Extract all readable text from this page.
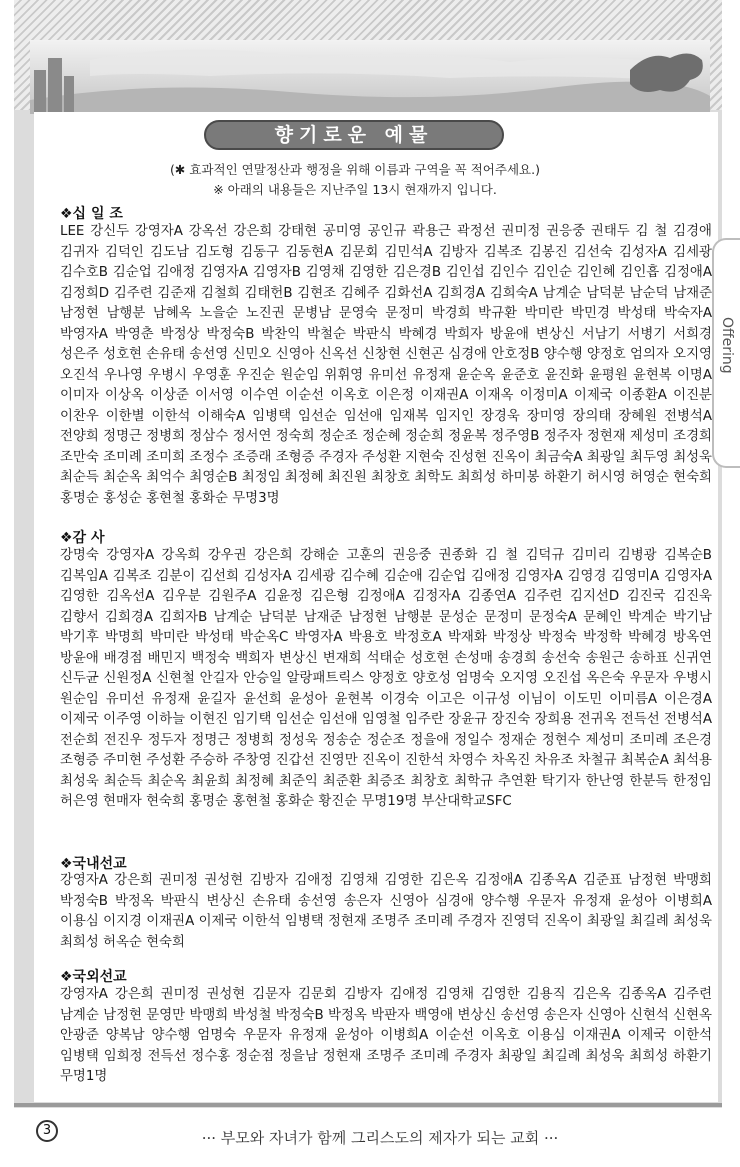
Offering
향기로운 예물
(✱ 효과적인 연말정산과 행정을 위해 이름과 구역을 꼭 적어주세요.)
※ 아래의 내용들은 지난주일 13시 현재까지 입니다.
❖십 일 조
LEE 강신두 강영자A 강옥선 강은희 강태현 공미영 공인규 곽용근 곽정선 권미정 권응중 권태두 김 철 김경애 김귀자 김덕인 김도남 김도형 김동구 김동현A 김문회 김민석A 김방자 김복조 김봉진 김선숙 김성자A 김세광 김수호B 김순업 김애정 김영자A 김영자B 김영채 김영한 김은경B 김인섭 김인수 김인순 김인혜 김인흡 김정애A 김정희D 김주련 김준재 김철희 김태헌B 김현조 김혜주 김화선A 김희경A 김희숙A 남계순 남덕분 남순덕 남재준 남정현 남행분 남혜옥 노을순 노진권 문병남 문영숙 문정미 박경희 박규환 박미란 박민경 박성태 박숙자A 박영자A 박영춘 박정상 박정숙B 박찬익 박철순 박판식 박혜경 박희자 방윤애 변상신 서남기 서병기 서희경 성은주 성호현 손유태 송선영 신민오 신영아 신옥선 신창현 신현곤 심경애 안호정B 양수행 양정호 엄의자 오지영 오진석 우나영 우병시 우영훈 우진순 원순임 위휘영 유미선 유정재 윤순옥 윤준호 윤진화 윤평원 윤현복 이명A 이미자 이상옥 이상준 이서영 이수연 이순선 이옥호 이은정 이재권A 이재옥 이정미A 이제국 이종환A 이진분 이찬우 이한별 이한석 이해숙A 임병택 임선순 임선애 임재복 임지인 장경욱 장미영 장의태 장혜원 전병석A 전양희 정명근 정병희 정삼수 정서연 정숙희 정순조 정순혜 정순희 정윤복 정주영B 정주자 정현재 제성미 조경희 조만숙 조미례 조미희 조정수 조증래 조형증 주경자 주성환 지현숙 진성현 진옥이 최금숙A 최광일 최두영 최성욱 최순득 최순옥 최억수 최영순B 최정임 최정혜 최진원 최창호 최학도 최희성 하미봉 하환기 허시영 허영순 현숙희 홍명순 홍성순 홍현철 홍화순 무명3명
❖감 사
강명숙 강영자A 강옥희 강우권 강은희 강해순 고훈의 권응중 권종화 김 철 김덕규 김미리 김병광 김복순B 김복임A 김복조 김분이 김선희 김성자A 김세광 김수혜 김순애 김순업 김애정 김영자A 김영경 김영미A 김영자A 김영한 김옥선A 김우분 김원주A 김윤정 김은형 김정애A 김정자A 김종연A 김주련 김지선D 김진국 김진욱 김향서 김희경A 김희자B 남계순 남덕분 남재준 남정현 남행분 문성순 문정미 문정숙A 문혜인 박계순 박기남 박기후 박명희 박미란 박성태 박순옥C 박영자A 박용호 박정호A 박재화 박정상 박정숙 박정학 박혜경 방옥연 방윤애 배경점 배민지 백정숙 백희자 변상신 변재희 석태순 성호현 손성매 송경희 송선숙 송원근 송하표 신귀연 신두균 신원정A 신현철 안길자 안승일 알랑패트릭스 양정호 양호성 엄명숙 오지영 오진섭 옥은숙 우문자 우병시 원순임 유미선 유정재 윤길자 윤선희 윤성아 윤현복 이경숙 이고은 이규성 이님이 이도민 이미름A 이은경A 이제국 이주영 이하늘 이현진 임기택 임선순 임선애 임영철 임주란 장윤규 장진숙 장희용 전귀옥 전득선 전병석A 전순희 전진우 정두자 정명근 정병희 정성욱 정송순 정순조 정을애 정일수 정재순 정현수 제성미 조미례 조은경 조형증 주미현 주성환 주승하 주창영 진갑선 진영만 진옥이 진한석 차영수 차옥진 차유조 차철규 최복순A 최석용 최성욱 최순득 최순옥 최윤희 최정혜 최준익 최준환 최증조 최창호 최학규 추연환 탁기자 한난영 한분득 한정임 허은영 현매자 현숙희 홍명순 홍현철 홍화순 황진순 무명19명 부산대학교SFC
❖국내선교
강영자A 강은희 권미정 권성현 김방자 김애정 김영채 김영한 김은옥 김정애A 김종옥A 김준표 남정현 박맹희 박정숙B 박정옥 박판식 변상신 손유태 송선영 송은자 신영아 심경애 양수행 우문자 유정재 윤성아 이병희A 이용심 이지경 이재권A 이제국 이한석 임병택 정현재 조명주 조미례 주경자 진영덕 진옥이 최광일 최길례 최성욱 최희성 허옥순 현숙희
❖국외선교
강영자A 강은희 권미정 권성현 김문자 김문회 김방자 김애정 김영채 김영한 김용직 김은옥 김종옥A 김주련 남계순 남정현 문영만 박맹희 박성철 박정숙B 박정옥 박판자 백영애 변상신 송선영 송은자 신영아 신현석 신현옥 안광준 양복남 양수행 엄명숙 우문자 유정재 윤성아 이병희A 이순선 이옥호 이용심 이재권A 이제국 이한석 임병택 임희정 전득선 정수홍 정순점 정을남 정현재 조명주 조미례 주경자 최광일 최길례 최성욱 최희성 하환기 무명1명
3	··· 부모와 자녀가 함께 그리스도의 제자가 되는 교회 ···
